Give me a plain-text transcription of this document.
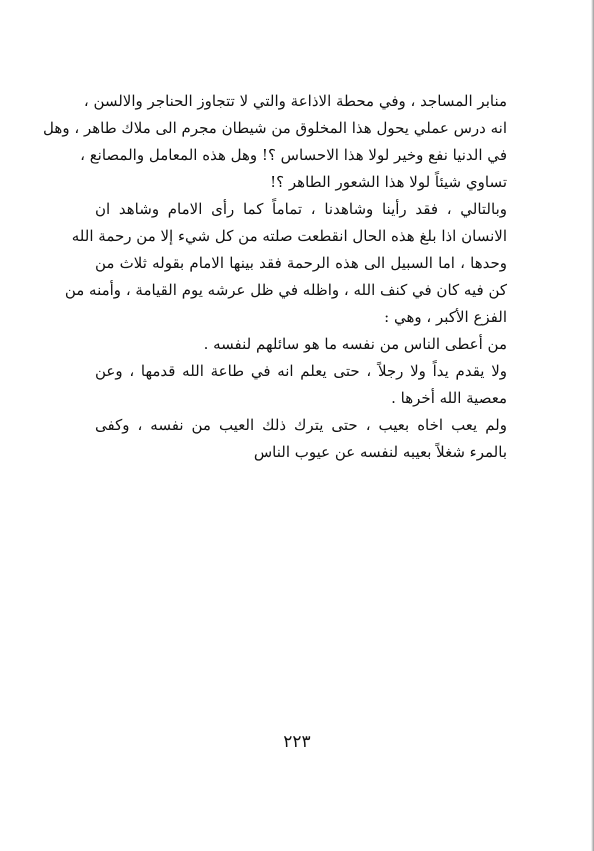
منابر المساجد ، وفي محطة الاذاعة والتي لا تتجاوز الحناجر والالسن ،
انه درس عملي يحول هذا المخلوق من شيطان مجرم الى ملاك طاهر ، وهل
في الدنيا نفع وخير لولا هذا الاحساس ؟! وهل هذه المعامل والمصانع ،
تساوي شيئاً لولا هذا الشعور الطاهر ؟!
وبالتالي ، فقد رأينا وشاهدنا ، تماماً كما رأى الامام وشاهد ان
الانسان اذا بلغ هذه الحال انقطعت صلته من كل شيء إلا من رحمة الله
وحدها ، اما السبيل الى هذه الرحمة فقد بينها الامام بقوله ثلاث من
كن فيه كان في كنف الله ، واظله في ظل عرشه يوم القيامة ، وأمنه من
الفزع الأكبر ، وهي :
من أعطى الناس من نفسه ما هو سائلهم لنفسه .
ولا يقدم يداً ولا رجلاً ، حتى يعلم انه في طاعة الله قدمها ، وعن
معصية الله أخرها .
ولم يعب اخاه بعيب ، حتى يترك ذلك العيب من نفسه ، وكفى
بالمرء شغلاً بعيبه لنفسه عن عيوب الناس
٢٢٣
